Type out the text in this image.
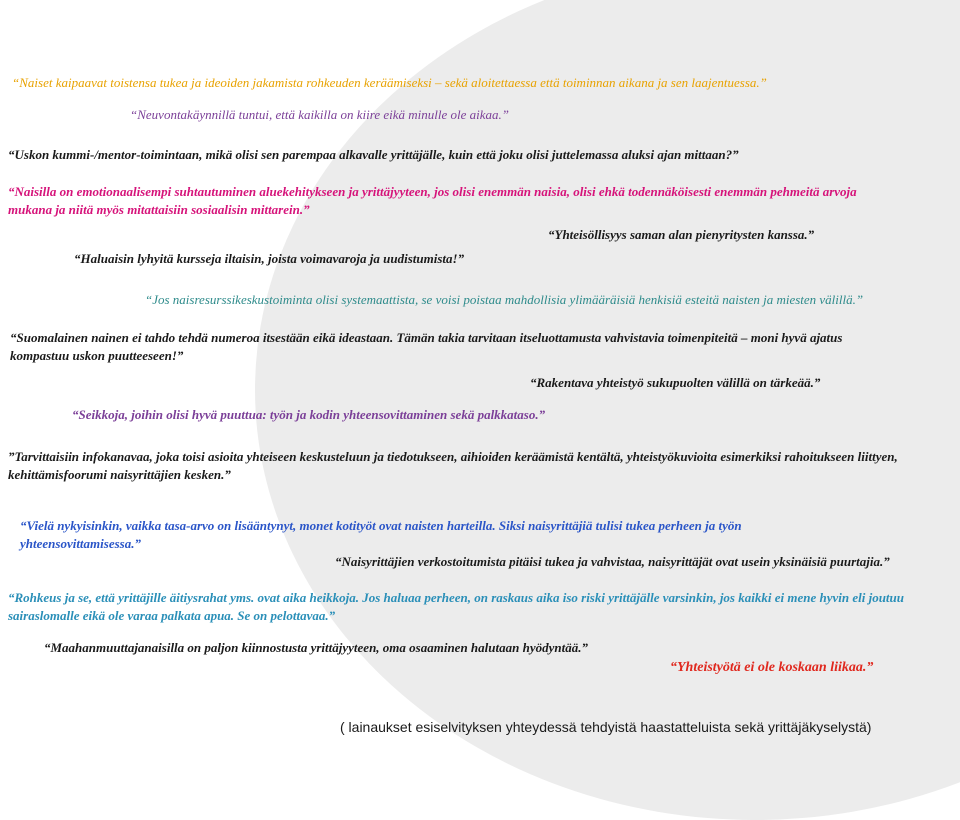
“Naiset kaipaavat toistensa tukea ja ideoiden jakamista rohkeuden keräämiseksi – sekä aloitettaessa että toiminnan aikana ja sen laajentuessa.”

“Neuvontakäynnillä tuntui, että kaikilla on kiire eikä minulle ole aikaa.”

“Uskon kummi-/mentor-toimintaan, mikä olisi sen parempaa alkavalle yrittäjälle, kuin että joku olisi juttelemassa aluksi ajan mittaan?”

“Naisilla on emotionaalisempi suhtautuminen aluekehitykseen ja yrittäjyyteen, jos olisi enemmän naisia, olisi ehkä todennäköisesti enemmän pehmeitä arvoja mukana ja niitä myös mitattaisiin sosiaalisin mittarein.”

“Yhteisöllisyys saman alan pienyritysten kanssa.”

“Haluaisin lyhyitä kursseja iltaisin, joista voimavaroja ja uudistumista!”

“Jos naisresurssikeskustoiminta olisi systemaattista, se voisi poistaa mahdollisia ylimääräisiä henkisiä esteitä naisten ja miesten välillä.”

“Suomalainen nainen ei tahdo tehdä numeroa itsestään eikä ideastaan. Tämän takia tarvitaan itseluottamusta vahvistavia toimenpiteitä – moni hyvä ajatus kompastuu uskon puutteeseen!”

“Rakentava yhteistyö sukupuolten välillä on tärkeää.”

“Seikkoja, joihin olisi hyvä puuttua: työn ja kodin yhteensovittaminen sekä palkkataso.”

”Tarvittaisiin infokanavaa, joka toisi asioita yhteiseen keskusteluun ja tiedotukseen, aihioiden keräämistä kentältä, yhteistyökuvioita esimerkiksi rahoitukseen liittyen, kehittämisfoorumi naisyrittäjien kesken.”

“Vielä nykyisinkin, vaikka tasa-arvo on lisääntynyt, monet kotityöt ovat naisten harteilla. Siksi naisyrittäjiä tulisi tukea perheen ja työn yhteensovittamisessa.”

“Naisyrittäjien verkostoitumista pitäisi tukea ja vahvistaa, naisyrittäjät ovat usein yksinäisiä puurtajia.”

“Rohkeus ja se, että yrittäjille äitiysrahat yms. ovat aika heikkoja. Jos haluaa perheen, on raskaus aika iso riski yrittäjälle varsinkin, jos kaikki ei mene hyvin eli joutuu sairaslomalle eikä ole varaa palkata apua. Se on pelottavaa.”

“Maahanmuuttajanaisilla on paljon kiinnostusta yrittäjyyteen, oma osaaminen halutaan hyödyntää.”

“Yhteistyötä ei ole koskaan liikaa.”

( lainaukset esiselvityksen yhteydessä tehdyistä haastatteluista sekä yrittäjäkyselystä)
